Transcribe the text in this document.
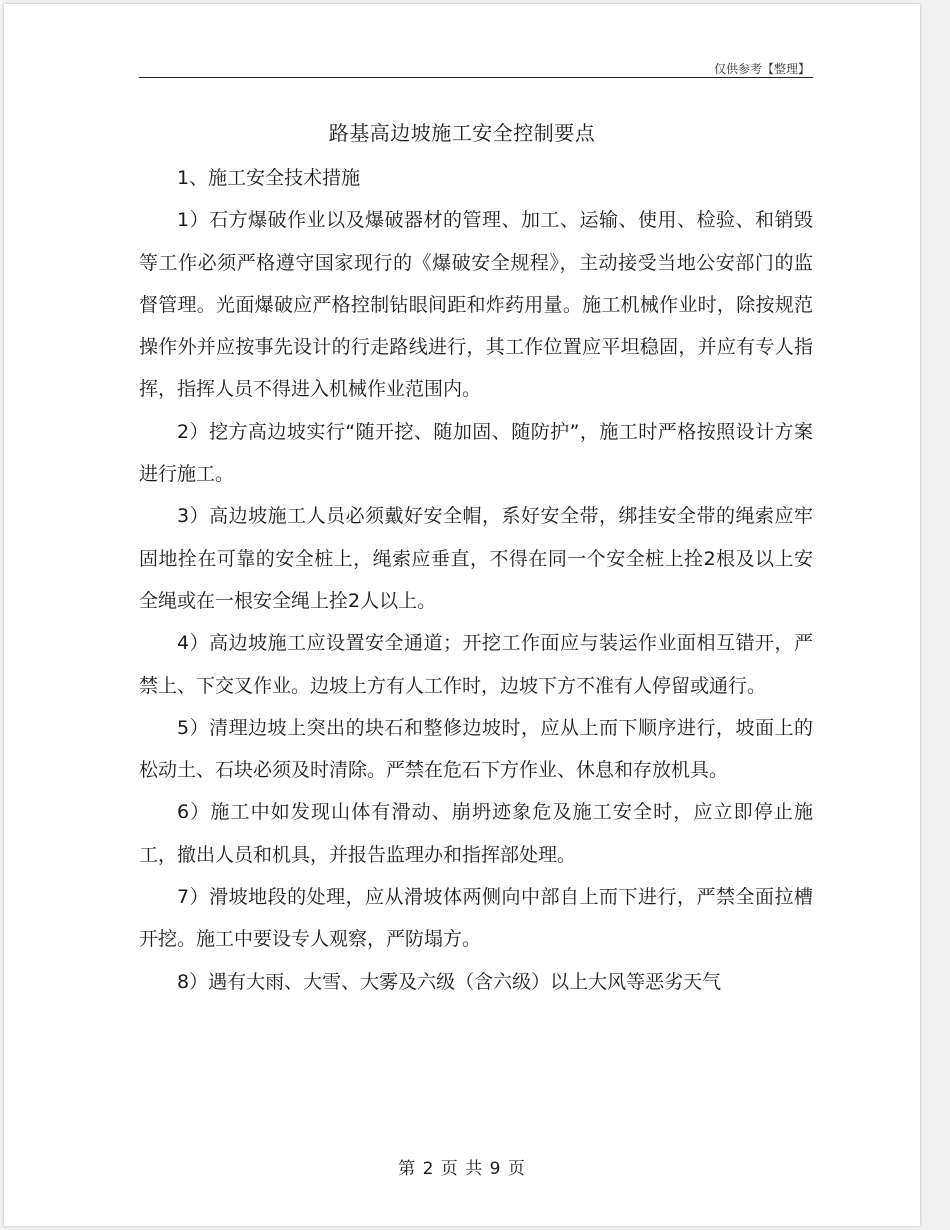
仅供参考【整理】
路基高边坡施工安全控制要点

1、施工安全技术措施

1）石方爆破作业以及爆破器材的管理、加工、运输、使用、检验、和销毁等工作必须严格遵守国家现行的《爆破安全规程》，主动接受当地公安部门的监督管理。光面爆破应严格控制钻眼间距和炸药用量。施工机械作业时，除按规范操作外并应按事先设计的行走路线进行，其工作位置应平坦稳固，并应有专人指挥，指挥人员不得进入机械作业范围内。

2）挖方高边坡实行“随开挖、随加固、随防护”，施工时严格按照设计方案进行施工。

3）高边坡施工人员必须戴好安全帽，系好安全带，绑挂安全带的绳索应牢固地拴在可靠的安全桩上，绳索应垂直，不得在同一个安全桩上拴2根及以上安全绳或在一根安全绳上拴2人以上。

4）高边坡施工应设置安全通道；开挖工作面应与装运作业面相互错开，严禁上、下交叉作业。边坡上方有人工作时，边坡下方不准有人停留或通行。

5）清理边坡上突出的块石和整修边坡时，应从上而下顺序进行，坡面上的松动土、石块必须及时清除。严禁在危石下方作业、休息和存放机具。

6）施工中如发现山体有滑动、崩坍迹象危及施工安全时，应立即停止施工，撤出人员和机具，并报告监理办和指挥部处理。

7）滑坡地段的处理，应从滑坡体两侧向中部自上而下进行，严禁全面拉槽开挖。施工中要设专人观察，严防塌方。

8）遇有大雨、大雪、大雾及六级（含六级）以上大风等恶劣天气

第 2 页 共 9 页
